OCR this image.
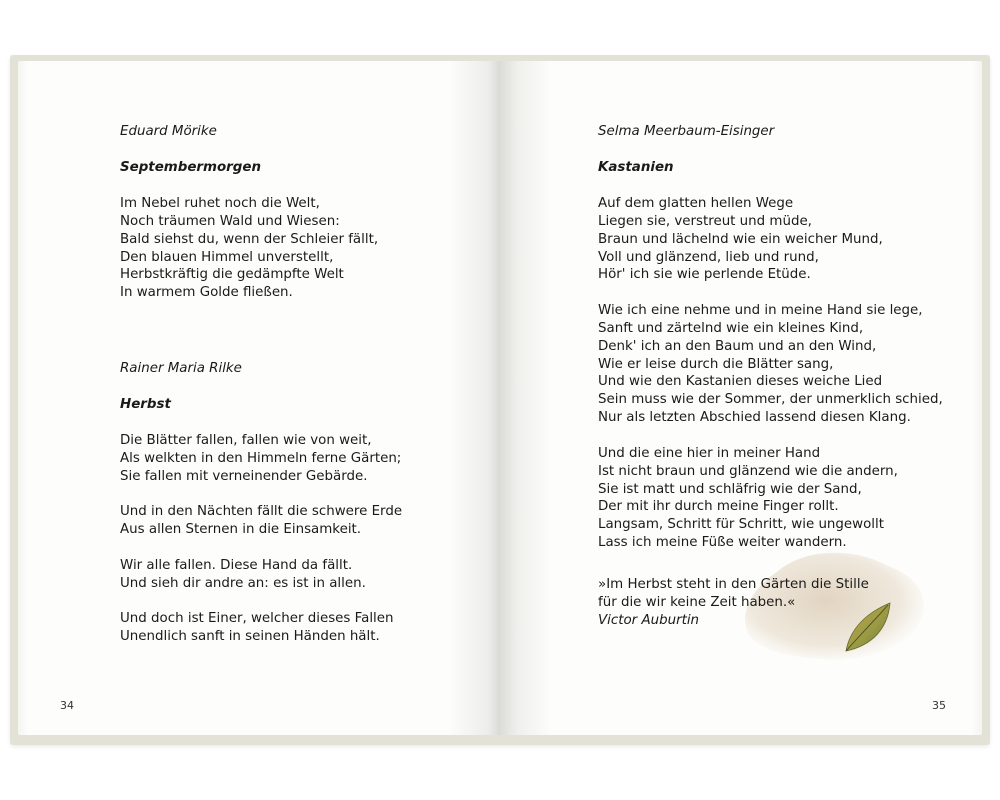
Eduard Mörike
Septembermorgen
Im Nebel ruhet noch die Welt,
Noch träumen Wald und Wiesen:
Bald siehst du, wenn der Schleier fällt,
Den blauen Himmel unverstellt,
Herbstkräftig die gedämpfte Welt
In warmem Golde fließen.
Rainer Maria Rilke
Herbst
Die Blätter fallen, fallen wie von weit,
Als welkten in den Himmeln ferne Gärten;
Sie fallen mit verneinender Gebärde.
Und in den Nächten fällt die schwere Erde
Aus allen Sternen in die Einsamkeit.
Wir alle fallen. Diese Hand da fällt.
Und sieh dir andre an: es ist in allen.
Und doch ist Einer, welcher dieses Fallen
Unendlich sanft in seinen Händen hält.
34
Selma Meerbaum-Eisinger
Kastanien
Auf dem glatten hellen Wege
Liegen sie, verstreut und müde,
Braun und lächelnd wie ein weicher Mund,
Voll und glänzend, lieb und rund,
Hör' ich sie wie perlende Etüde.
Wie ich eine nehme und in meine Hand sie lege,
Sanft und zärtelnd wie ein kleines Kind,
Denk' ich an den Baum und an den Wind,
Wie er leise durch die Blätter sang,
Und wie den Kastanien dieses weiche Lied
Sein muss wie der Sommer, der unmerklich schied,
Nur als letzten Abschied lassend diesen Klang.
Und die eine hier in meiner Hand
Ist nicht braun und glänzend wie die andern,
Sie ist matt und schläfrig wie der Sand,
Der mit ihr durch meine Finger rollt.
Langsam, Schritt für Schritt, wie ungewollt
Lass ich meine Füße weiter wandern.
»Im Herbst steht in den Gärten die Stille
für die wir keine Zeit haben.«
Victor Auburtin
35
